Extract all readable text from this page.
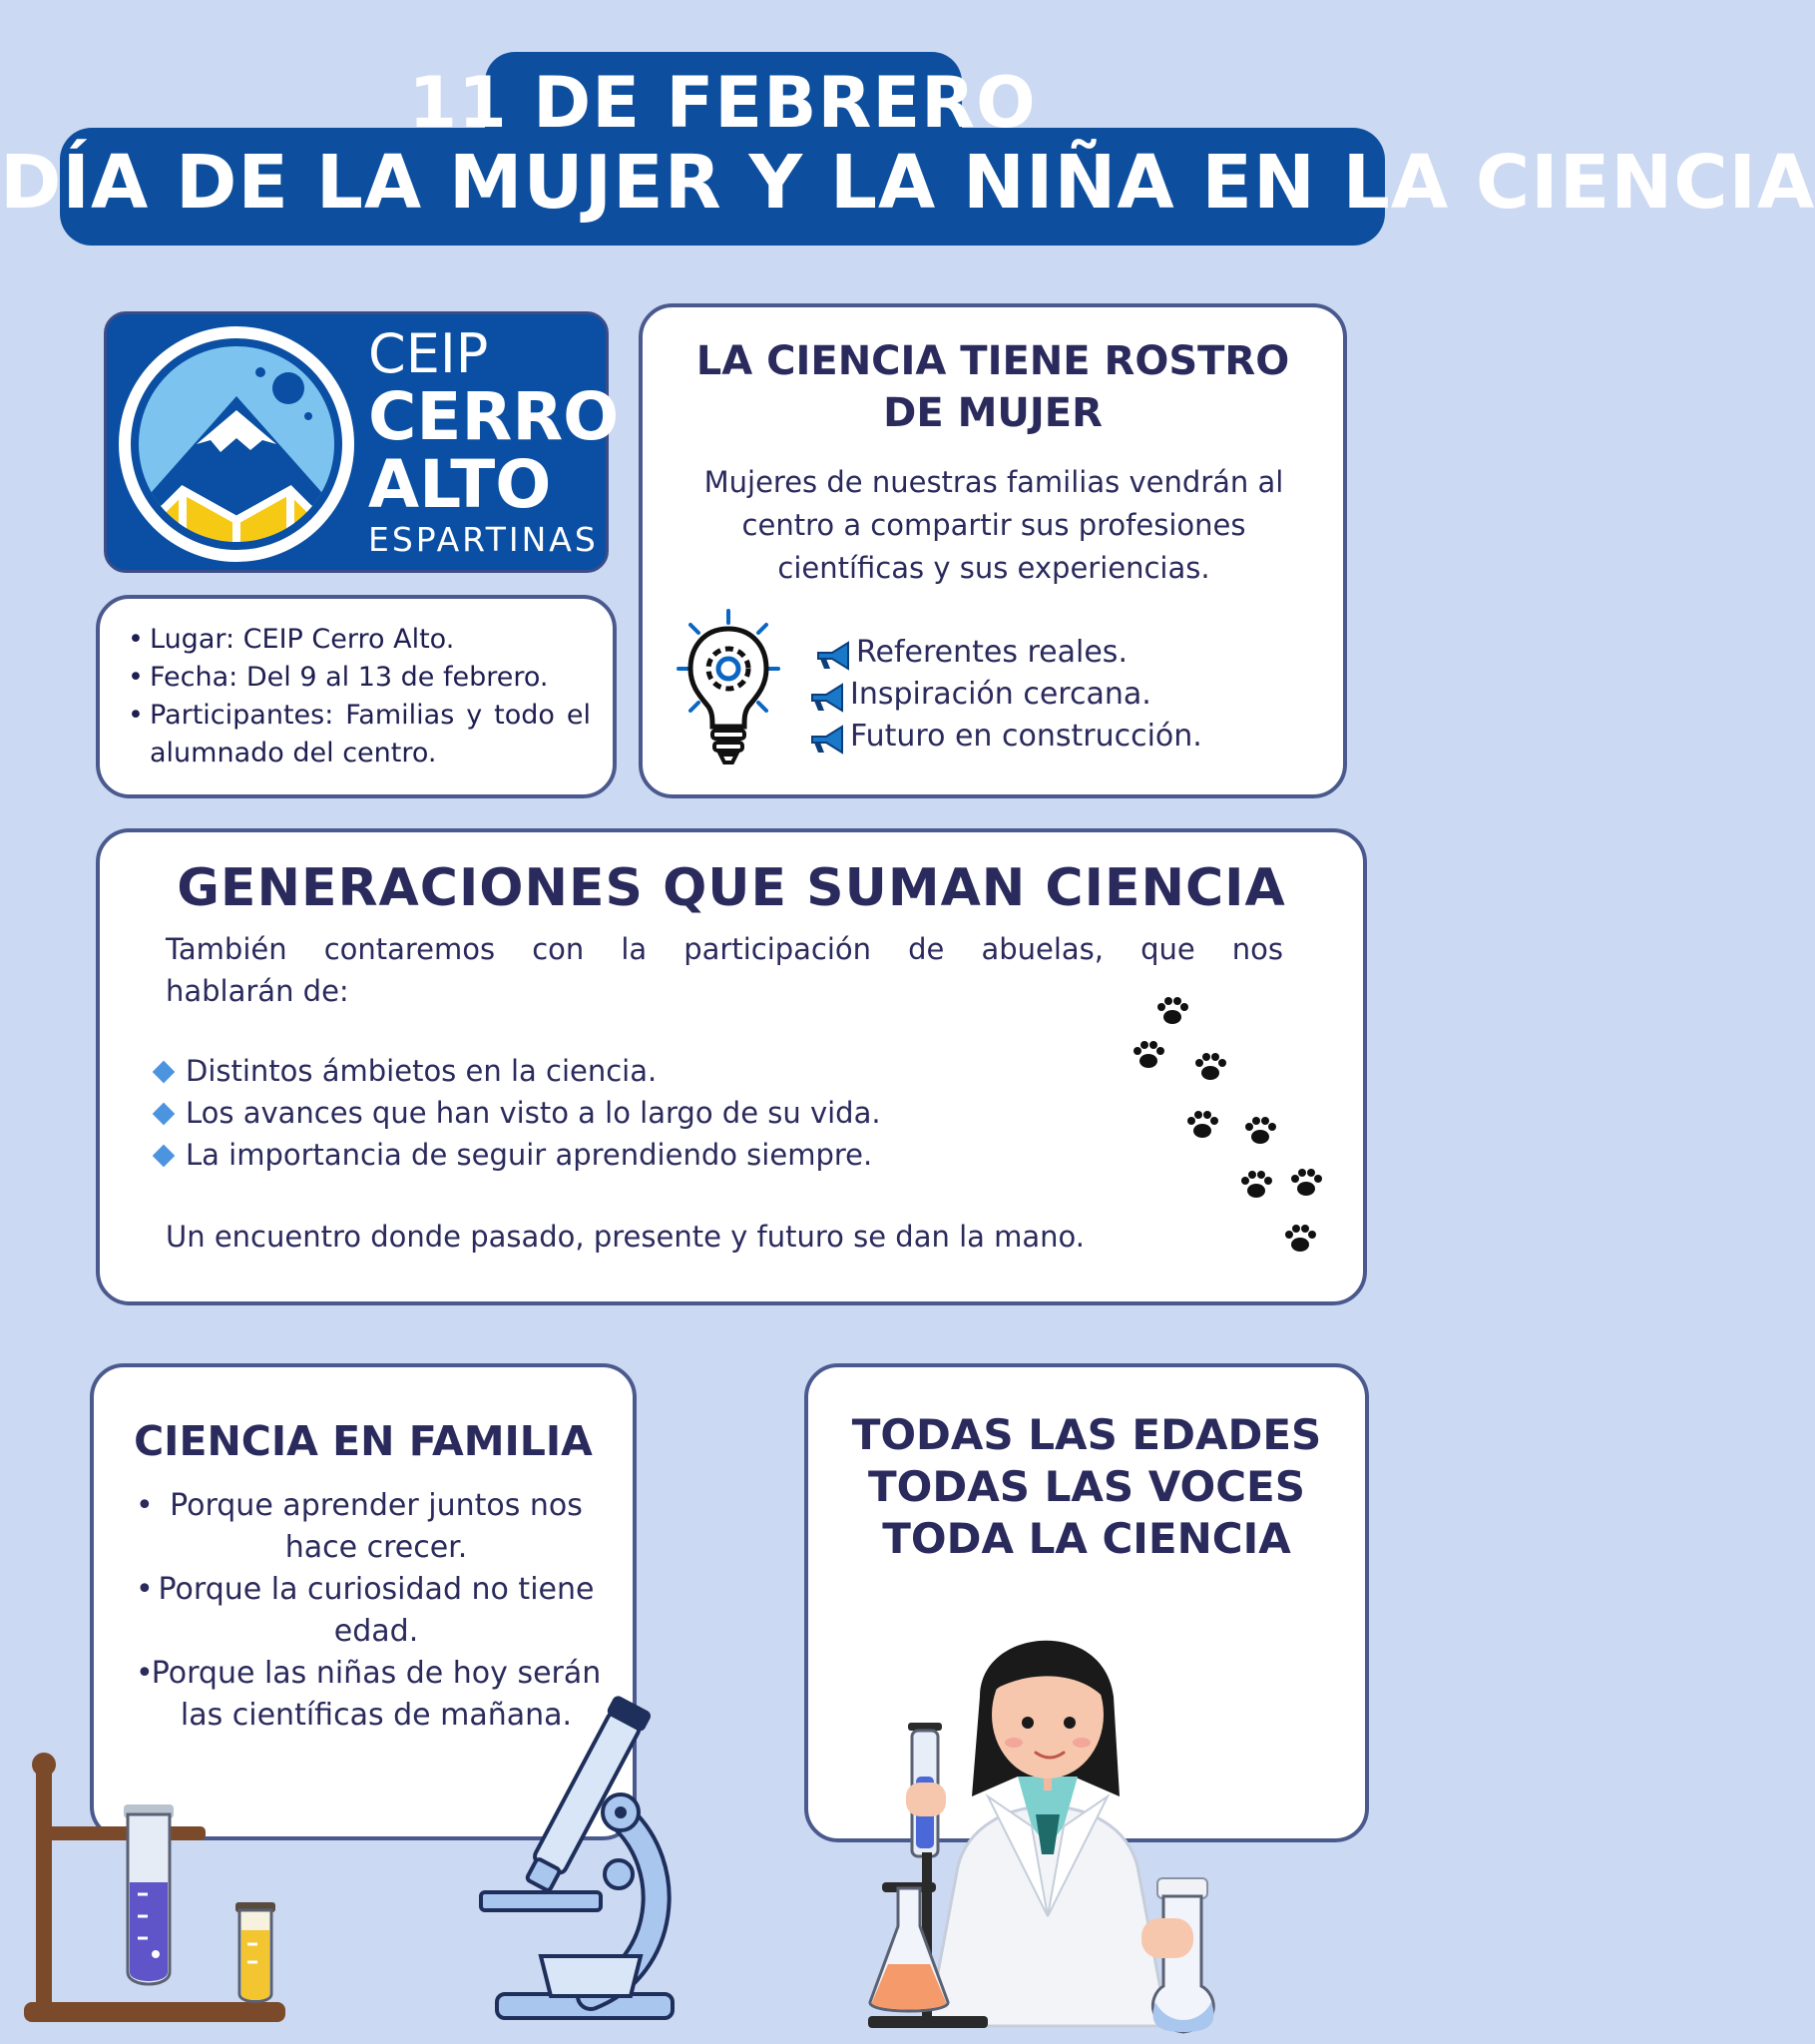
11 DE FEBRERO
DÍA DE LA MUJER Y LA NIÑA EN LA CIENCIA
CEIP
CERRO
ALTO
ESPARTINAS
• Lugar: CEIP Cerro Alto.
• Fecha: Del 9 al 13 de febrero.
• Participantes: Familias y todo el alumnado del centro.
LA CIENCIA TIENE ROSTRO DE MUJER
Mujeres de nuestras familias vendrán al centro a compartir sus profesiones científicas y sus experiencias.
Referentes reales.
Inspiración cercana.
Futuro en construcción.
GENERACIONES QUE SUMAN CIENCIA
También contaremos con la participación de abuelas, que nos
hablarán de:
Distintos ámbietos en la ciencia.
Los avances que han visto a lo largo de su vida.
La importancia de seguir aprendiendo siempre.
Un encuentro donde pasado, presente y futuro se dan la mano.
CIENCIA EN FAMILIA
• Porque aprender juntos nos hace crecer.
• Porque la curiosidad no tiene edad.
• Porque las niñas de hoy serán las científicas de mañana.
TODAS LAS EDADES
TODAS LAS VOCES
TODA LA CIENCIA
